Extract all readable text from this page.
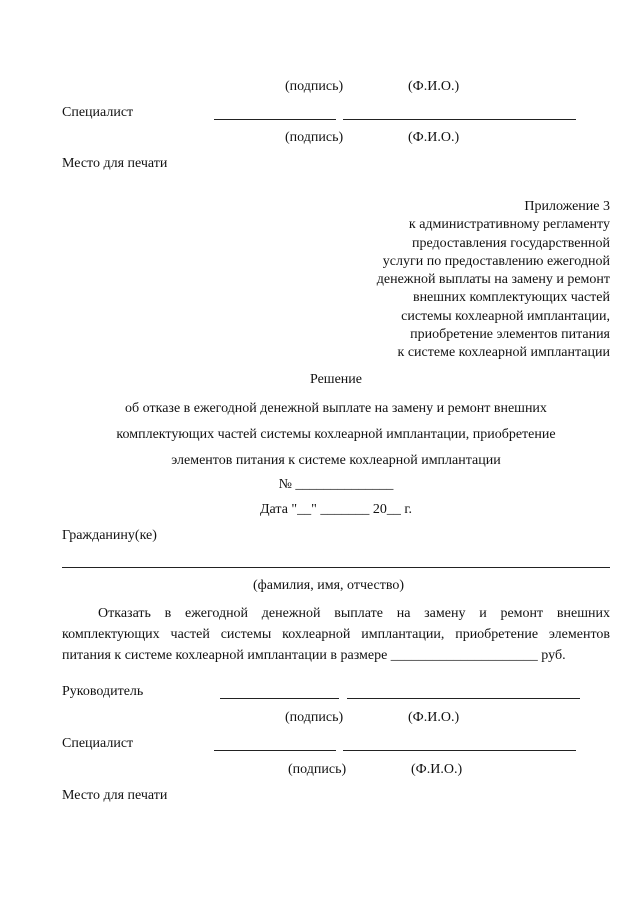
(подпись)	(Ф.И.О.)
Специалист
(подпись)	(Ф.И.О.)
Место для печати
Приложение 3
к административному регламенту
предоставления государственной
услуги по предоставлению ежегодной
денежной выплаты на замену и ремонт
внешних комплектующих частей
системы кохлеарной имплантации,
приобретение элементов питания
к системе кохлеарной имплантации
Решение
об отказе в ежегодной денежной выплате на замену и ремонт внешних
комплектующих частей системы кохлеарной имплантации, приобретение
элементов питания к системе кохлеарной имплантации
№ ______________
Дата "__" _______ 20__ г.
Гражданину(ке)
(фамилия, имя, отчество)
Отказать в ежегодной денежной выплате на замену и ремонт внешних комплектующих частей системы кохлеарной имплантации, приобретение элементов питания к системе кохлеарной имплантации в размере _____________________ руб.
Руководитель
(подпись)	(Ф.И.О.)
Специалист
(подпись)	(Ф.И.О.)
Место для печати
